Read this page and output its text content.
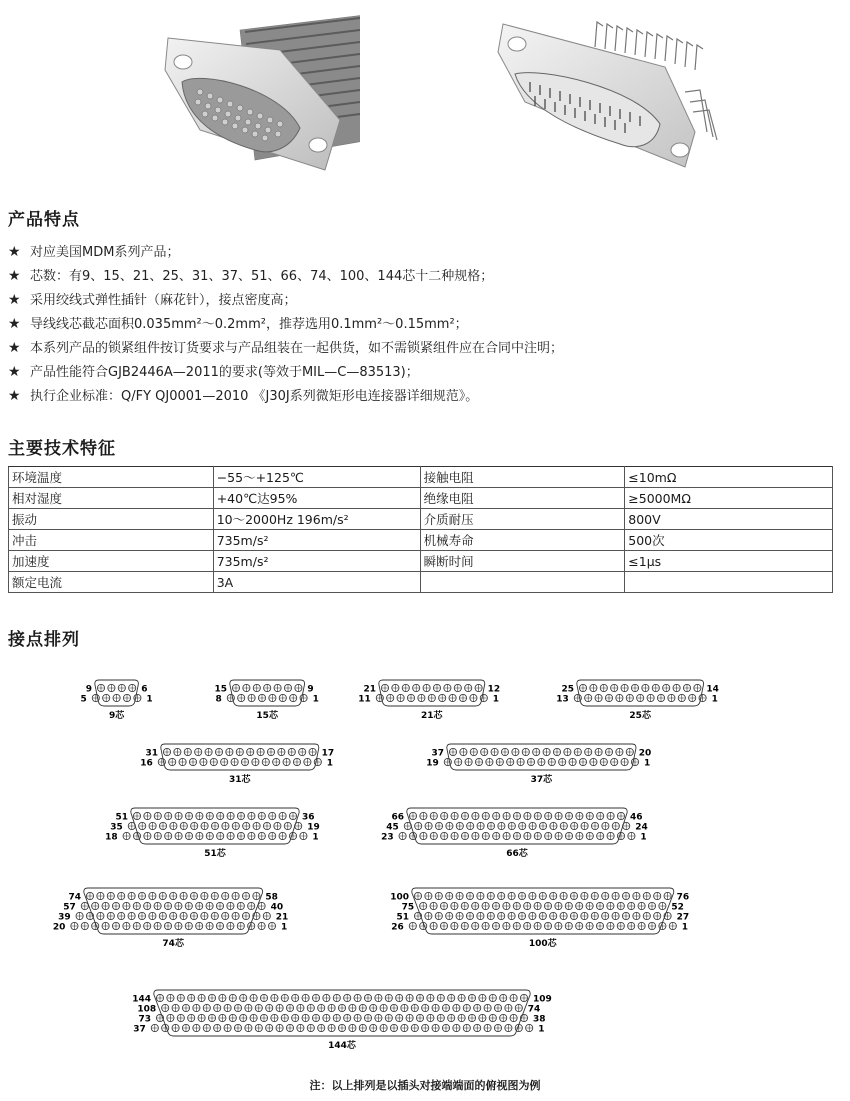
产品特点
★ 对应美国MDM系列产品；
★ 芯数：有9、15、21、25、31、37、51、66、74、100、144芯十二种规格；
★ 采用绞线式弹性插针（麻花针），接点密度高；
★ 导线线芯截芯面积0.035mm²～0.2mm²，推荐选用0.1mm²～0.15mm²；
★ 本系列产品的锁紧组件按订货要求与产品组装在一起供货，如不需锁紧组件应在合同中注明；
★ 产品性能符合GJB2446A—2011的要求(等效于MIL—C—83513)；
★ 执行企业标准：Q/FY QJ0001—2010 《J30J系列微矩形电连接器详细规范》。
主要技术特征
环境温度	−55～+125℃	接触电阻	≤10mΩ
相对湿度	+40℃达95%	绝缘电阻	≥5000MΩ
振动	10～2000Hz 196m/s²	介质耐压	800V
冲击	735m/s²	机械寿命	500次
加速度	735m/s²	瞬断时间	≤1μs
额定电流	3A		
接点排列
9	6
5	1
9芯
15	9
8	1
15芯
21	12
11	1
21芯
25	14
13	1
25芯
31	17
16	1
31芯
37	20
19	1
37芯
51	36
35	19
18	1
51芯
66	46
45	24
23	1
66芯
74	58
57	40
39	21
20	1
74芯
100	76
75	52
51	27
26	1
100芯
144	109
108	74
73	38
37	1
144芯
注：以上排列是以插头对接端端面的俯视图为例
